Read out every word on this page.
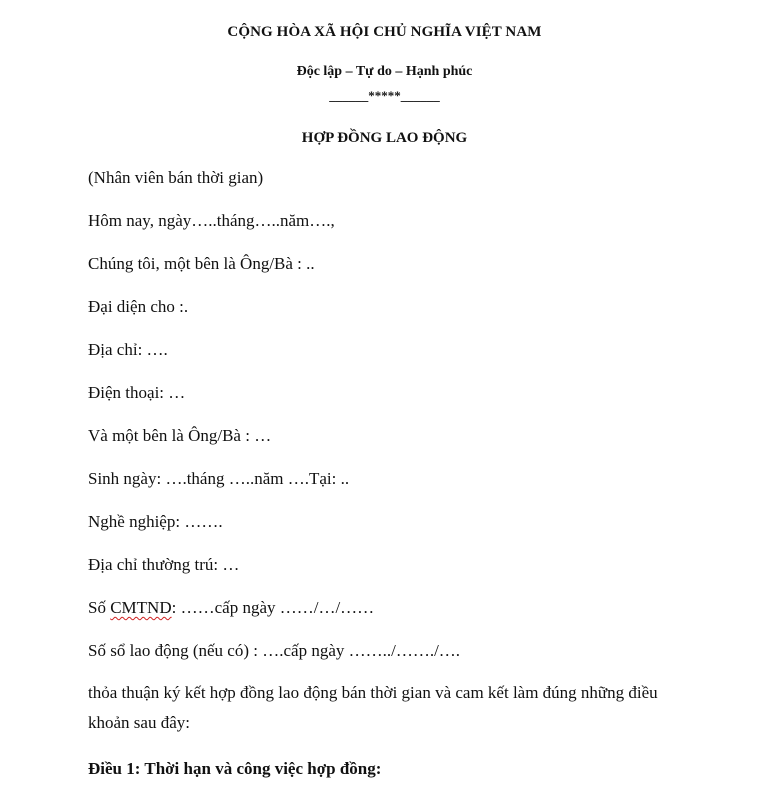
CỘNG HÒA XÃ HỘI CHỦ NGHĨA VIỆT NAM

Độc lập – Tự do – Hạnh phúc

______*****______

HỢP ĐỒNG LAO ĐỘNG

(Nhân viên bán thời gian)

Hôm nay, ngày…..tháng…..năm….,

Chúng tôi, một bên là Ông/Bà : ..

Đại diện cho :.

Địa chỉ: ….

Điện thoại: …

Và một bên là Ông/Bà : …

Sinh ngày: ….tháng …..năm ….Tại: ..

Nghề nghiệp: …….

Địa chỉ thường trú: …

Số CMTND: ……cấp ngày ……/…/……

Số sổ lao động (nếu có) : ….cấp ngày ……../……./….

thỏa thuận ký kết hợp đồng lao động bán thời gian và cam kết làm đúng những điều khoản sau đây:

Điều 1: Thời hạn và công việc hợp đồng:
